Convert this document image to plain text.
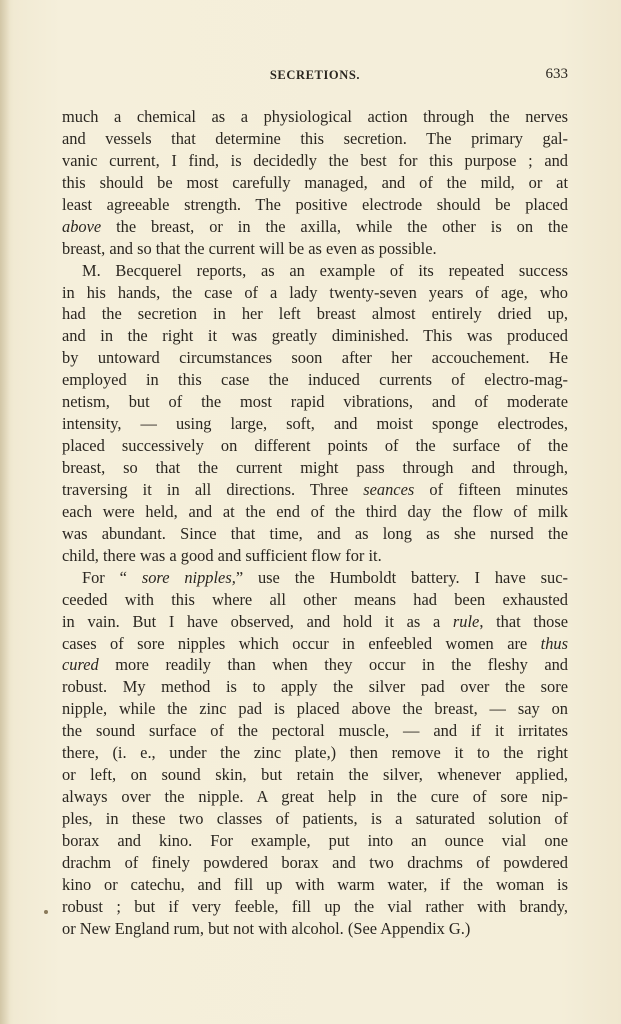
SECRETIONS.	633
much a chemical as a physiological action through the nerves
and vessels that determine this secretion. The primary gal-
vanic current, I find, is decidedly the best for this purpose ; and
this should be most carefully managed, and of the mild, or at
least agreeable strength. The positive electrode should be placed
above the breast, or in the axilla, while the other is on the
breast, and so that the current will be as even as possible.
M. Becquerel reports, as an example of its repeated success
in his hands, the case of a lady twenty-seven years of age, who
had the secretion in her left breast almost entirely dried up,
and in the right it was greatly diminished. This was produced
by untoward circumstances soon after her accouchement. He
employed in this case the induced currents of electro-mag-
netism, but of the most rapid vibrations, and of moderate
intensity, — using large, soft, and moist sponge electrodes,
placed successively on different points of the surface of the
breast, so that the current might pass through and through,
traversing it in all directions. Three seances of fifteen minutes
each were held, and at the end of the third day the flow of milk
was abundant. Since that time, and as long as she nursed the
child, there was a good and sufficient flow for it.
For “ sore nipples,” use the Humboldt battery. I have suc-
ceeded with this where all other means had been exhausted
in vain. But I have observed, and hold it as a rule, that those
cases of sore nipples which occur in enfeebled women are thus
cured more readily than when they occur in the fleshy and
robust. My method is to apply the silver pad over the sore
nipple, while the zinc pad is placed above the breast, — say on
the sound surface of the pectoral muscle, — and if it irritates
there, (i. e., under the zinc plate,) then remove it to the right
or left, on sound skin, but retain the silver, whenever applied,
always over the nipple. A great help in the cure of sore nip-
ples, in these two classes of patients, is a saturated solution of
borax and kino. For example, put into an ounce vial one
drachm of finely powdered borax and two drachms of powdered
kino or catechu, and fill up with warm water, if the woman is
robust ; but if very feeble, fill up the vial rather with brandy,
or New England rum, but not with alcohol. (See Appendix G.)
